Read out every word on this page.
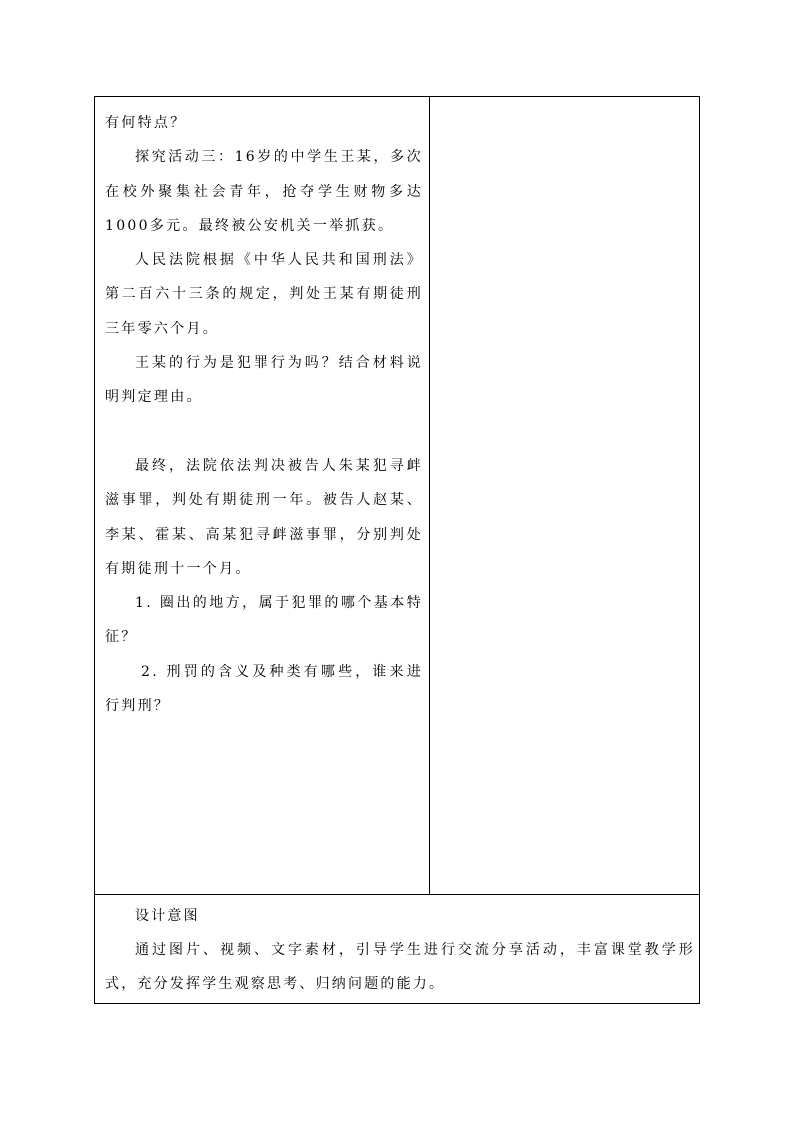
有何特点？

探究活动三：16岁的中学生王某，多次在校外聚集社会青年，抢夺学生财物多达1000多元。最终被公安机关一举抓获。

人民法院根据《中华人民共和国刑法》第二百六十三条的规定，判处王某有期徒刑三年零六个月。

王某的行为是犯罪行为吗？结合材料说明判定理由。

最终，法院依法判决被告人朱某犯寻衅滋事罪，判处有期徒刑一年。被告人赵某、李某、霍某、高某犯寻衅滋事罪，分别判处有期徒刑十一个月。

1. 圈出的地方，属于犯罪的哪个基本特征？

2. 刑罚的含义及种类有哪些，谁来进行判刑？

设计意图

通过图片、视频、文字素材，引导学生进行交流分享活动，丰富课堂教学形式，充分发挥学生观察思考、归纳问题的能力。
